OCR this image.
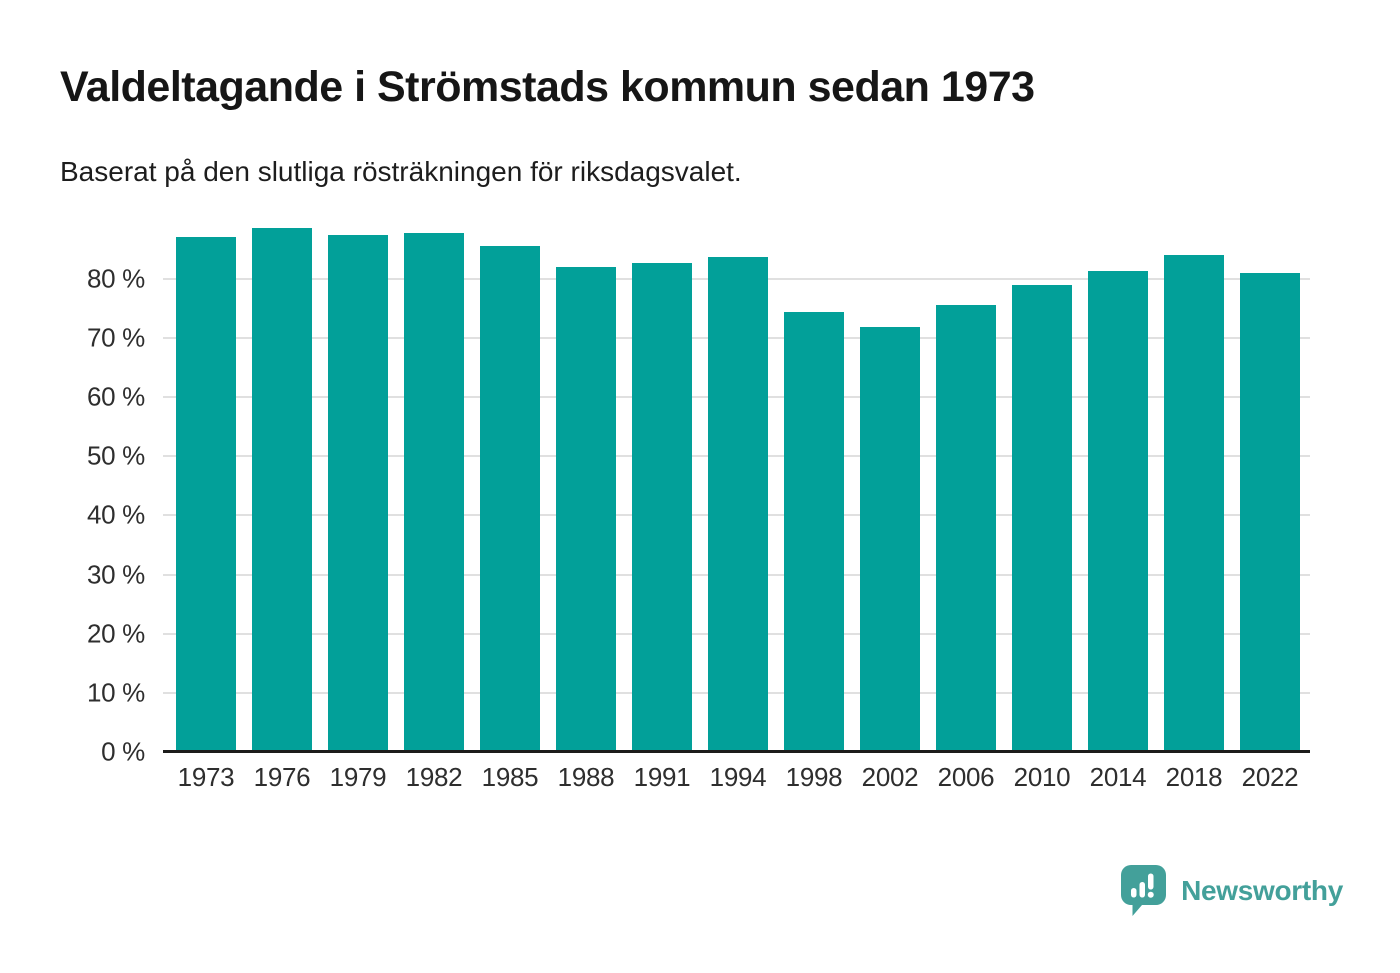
Valdeltagande i Strömstads kommun sedan 1973
Baserat på den slutliga rösträkningen för riksdagsvalet.
0 %
10 %
20 %
30 %
40 %
50 %
60 %
70 %
80 %
1973 1976 1979 1982 1985 1988 1991 1994 1998 2002 2006 2010 2014 2018 2022
Newsworthy
